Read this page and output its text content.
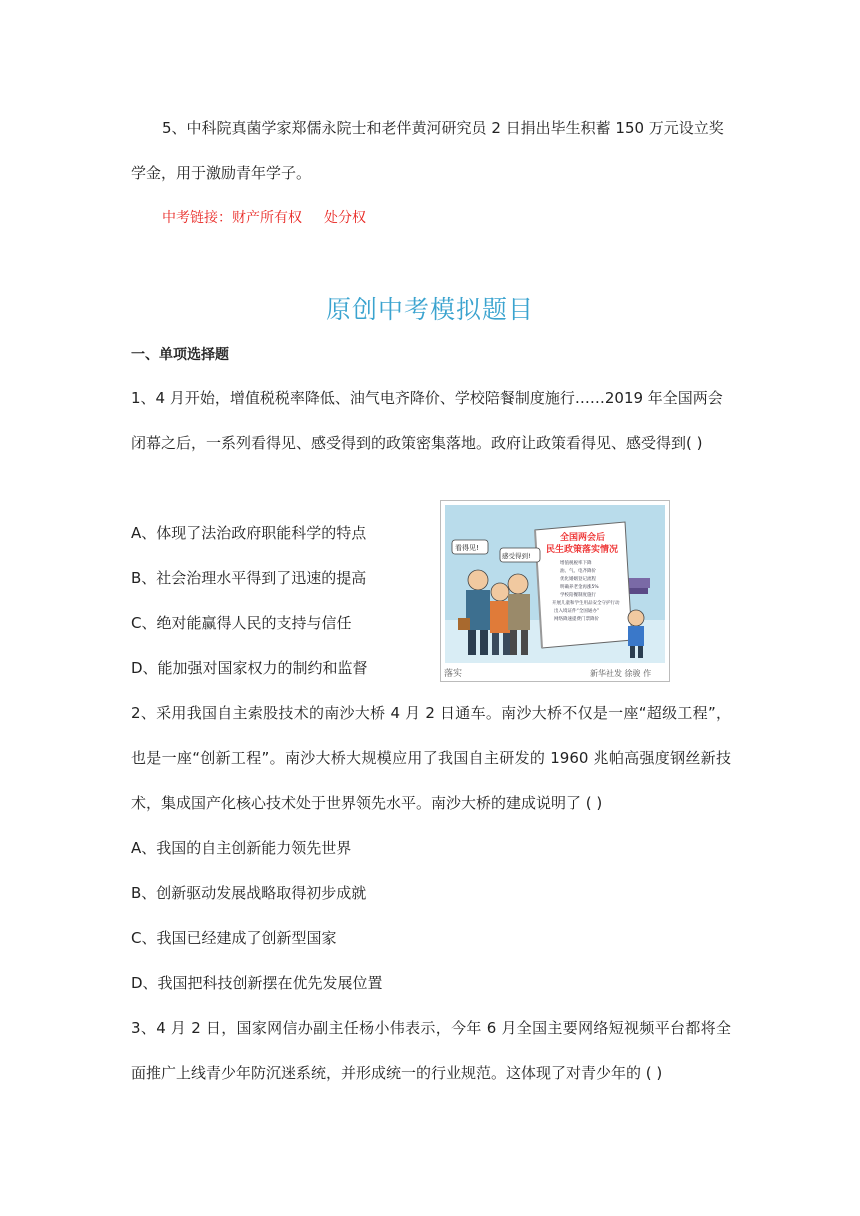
5、中科院真菌学家郑儒永院士和老伴黄河研究员 2 日捐出毕生积蓄 150 万元设立奖
学金，用于激励青年学子。
中考链接：财产所有权 处分权
原创中考模拟题目
一、单项选择题
1、4 月开始，增值税税率降低、油气电齐降价、学校陪餐制度施行……2019 年全国两会
闭幕之后，一系列看得见、感受得到的政策密集落地。政府让政策看得见、感受得到( )
A、体现了法治政府职能科学的特点
B、社会治理水平得到了迅速的提高
C、绝对能赢得人民的支持与信任
D、能加强对国家权力的制约和监督
全国两会后
民生政策落实情况
增值税税率下降
油、气、电齐降价
优化婚姻登记流程
明确养老金再涨5%
学校陪餐制度施行
开展儿童和学生用品安全守护行动
出入境证件“全国通办”
网络降速提费门票降价
看得见!
感受得到!
落实	新华社发 徐骏 作
2、采用我国自主索股技术的南沙大桥 4 月 2 日通车。南沙大桥不仅是一座“超级工程”，
也是一座“创新工程”。南沙大桥大规模应用了我国自主研发的 1960 兆帕高强度钢丝新技
术，集成国产化核心技术处于世界领先水平。南沙大桥的建成说明了 ( )
A、我国的自主创新能力领先世界
B、创新驱动发展战略取得初步成就
C、我国已经建成了创新型国家
D、我国把科技创新摆在优先发展位置
3、4 月 2 日，国家网信办副主任杨小伟表示，今年 6 月全国主要网络短视频平台都将全
面推广上线青少年防沉迷系统，并形成统一的行业规范。这体现了对青少年的 ( )
